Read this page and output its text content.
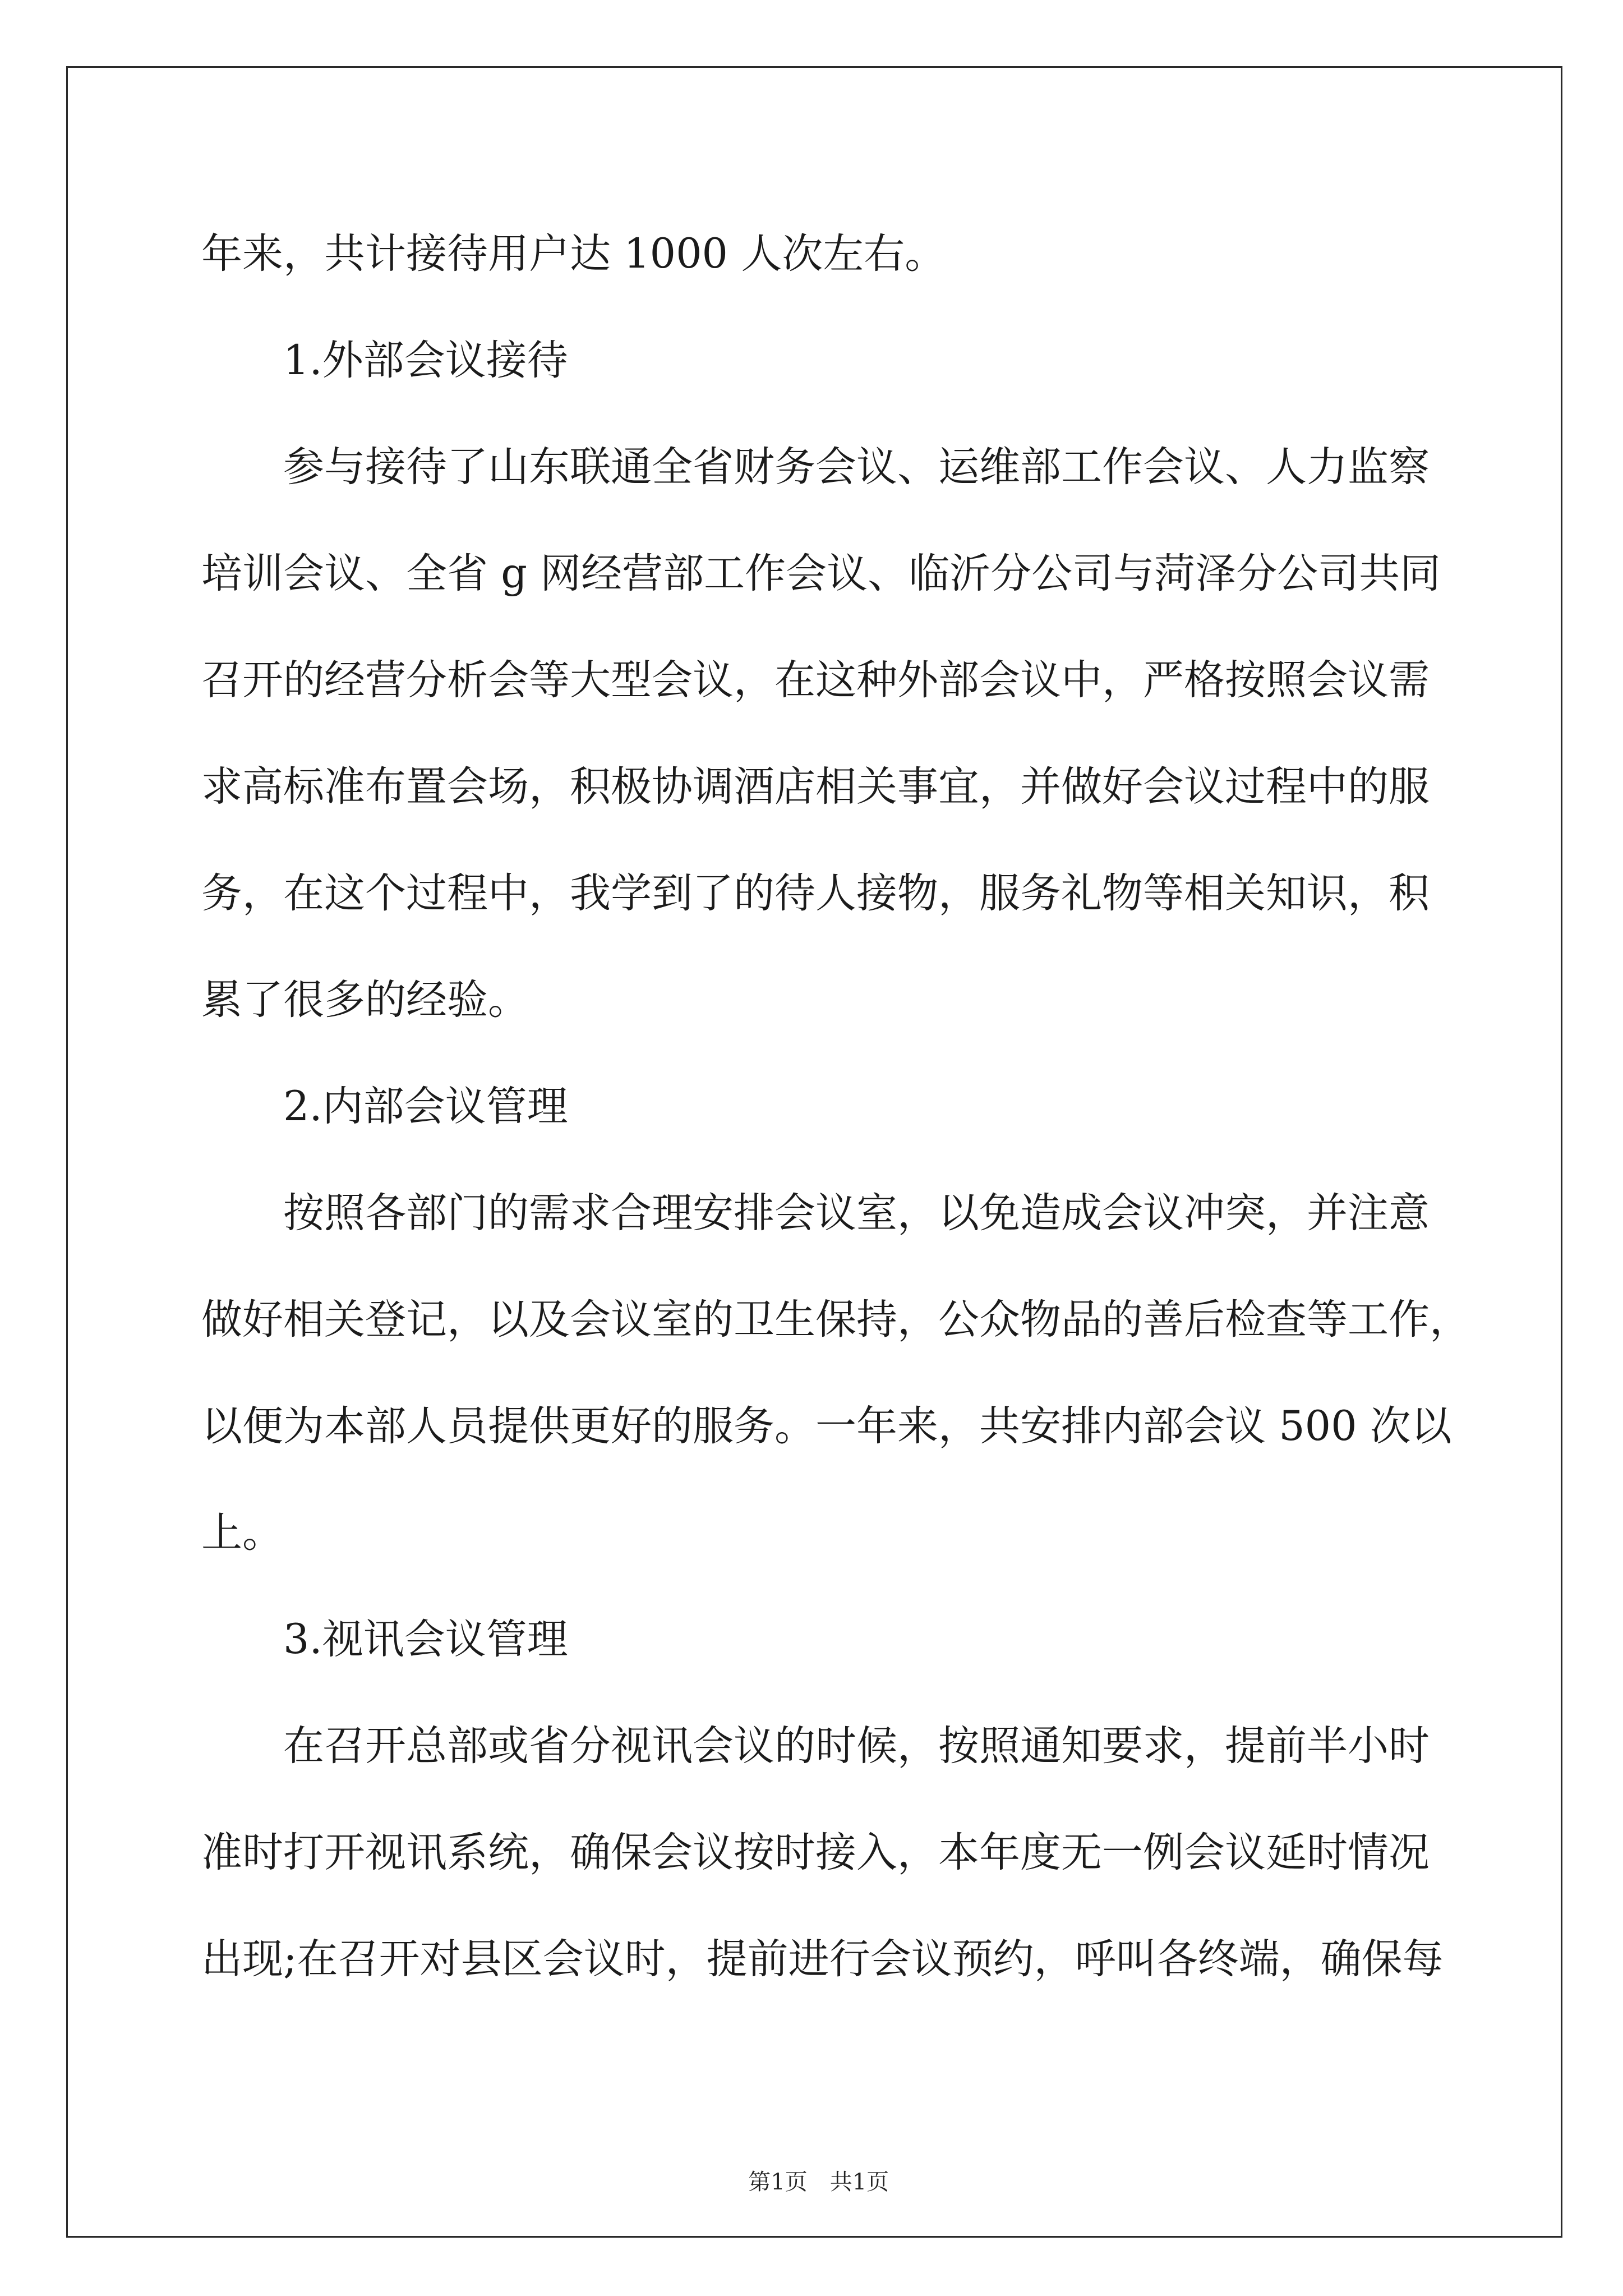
年来，共计接待用户达 1000 人次左右。
1.外部会议接待
参与接待了山东联通全省财务会议、运维部工作会议、人力监察
培训会议、全省 g 网经营部工作会议、临沂分公司与菏泽分公司共同
召开的经营分析会等大型会议，在这种外部会议中，严格按照会议需
求高标准布置会场，积极协调酒店相关事宜，并做好会议过程中的服
务，在这个过程中，我学到了的待人接物，服务礼物等相关知识，积
累了很多的经验。
2.内部会议管理
按照各部门的需求合理安排会议室，以免造成会议冲突，并注意
做好相关登记，以及会议室的卫生保持，公众物品的善后检查等工作，
以便为本部人员提供更好的服务。一年来，共安排内部会议 500 次以
上。
3.视讯会议管理
在召开总部或省分视讯会议的时候，按照通知要求，提前半小时
准时打开视讯系统，确保会议按时接入，本年度无一例会议延时情况
出现;在召开对县区会议时，提前进行会议预约，呼叫各终端，确保每

第1页　共1页
